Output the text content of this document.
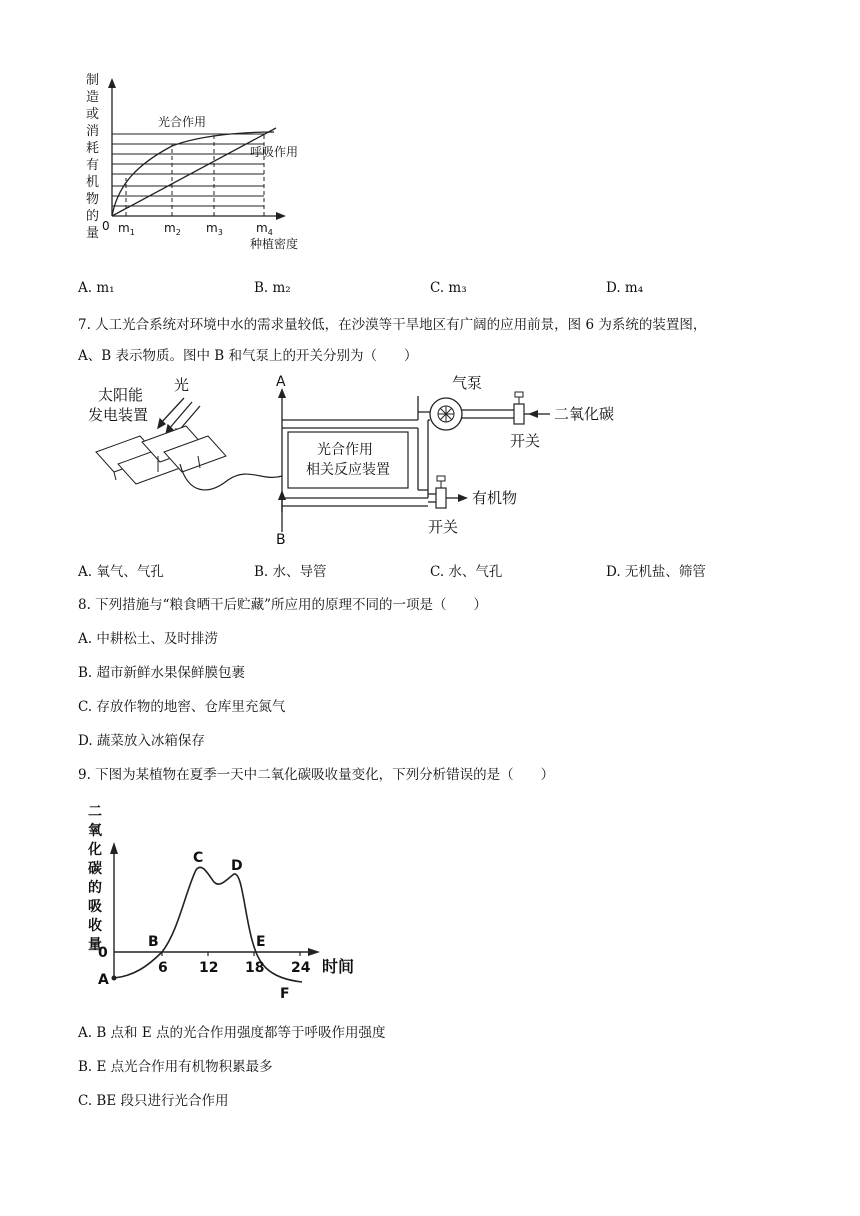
制
造
或
消
耗
有
机
物
的
量
光合作用
呼吸作用
0 $m_1$ $m_2$ $m_3$	$m_4$
种植密度
A. m₁	B. m₂	C. m₃	D. m₄
7. 人工光合系统对环境中水的需求量较低，在沙漠等干旱地区有广阔的应用前景，图 6 为系统的装置图，
A、B 表示物质。图中 B 和气泵上的开关分别为（　　）
太阳能
发电装置
光	A
B
光合作用
相关反应装置
气泵
二氧化碳
开关
有机物
开关
A. 氧气、气孔	B. 水、导管	C. 水、气孔	D. 无机盐、筛管
8. 下列措施与“粮食晒干后贮藏”所应用的原理不同的一项是（　　）
A. 中耕松土、及时排涝
B. 超市新鲜水果保鲜膜包裹
C. 存放作物的地窖、仓库里充氮气
D. 蔬菜放入冰箱保存
9. 下图为某植物在夏季一天中二氧化碳吸收量变化，下列分析错误的是（　　）
二
氧
化
碳
的
吸
收
量
6 12 18 24
0
时间
A
B
C D
E
F
A. B 点和 E 点的光合作用强度都等于呼吸作用强度
B. E 点光合作用有机物积累最多
C. BE 段只进行光合作用
